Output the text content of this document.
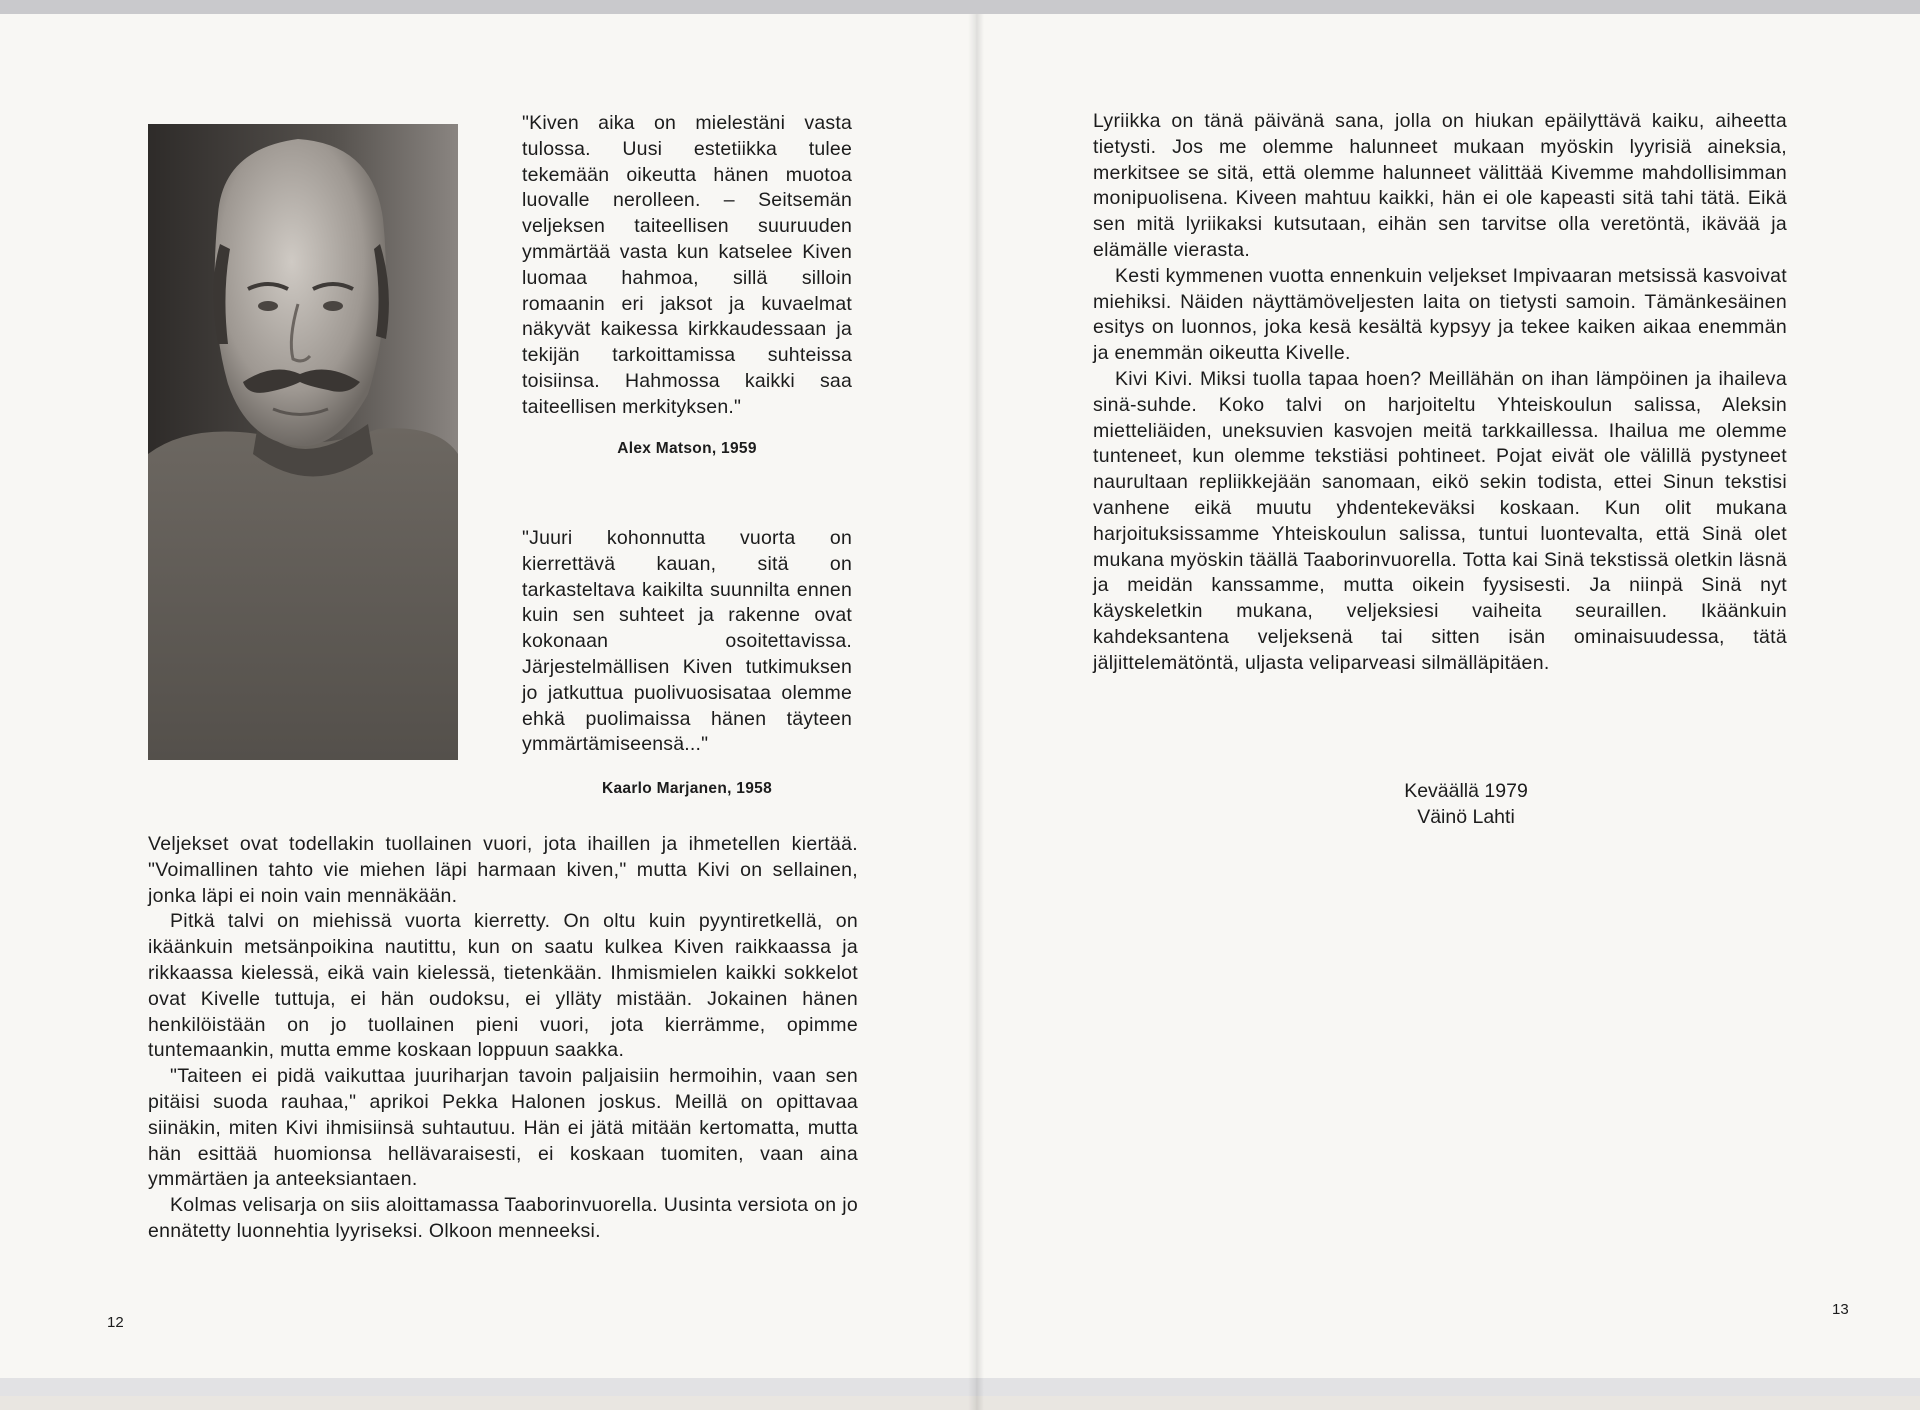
"Kiven aika on mielestäni vasta tulossa. Uusi estetiikka tulee tekemään oikeutta hänen muotoa luovalle nerolleen. – Seitsemän veljeksen taiteellisen suuruuden ymmärtää vasta kun katselee Kiven luomaa hahmoa, sillä silloin romaanin eri jaksot ja kuvaelmat näkyvät kaikessa kirkkaudessaan ja tekijän tarkoittamissa suhteissa toisiinsa. Hahmossa kaikki saa taiteellisen merkityksen."
Alex Matson, 1959
"Juuri kohonnutta vuorta on kierrettävä kauan, sitä on tarkasteltava kaikilta suunnilta ennen kuin sen suhteet ja rakenne ovat kokonaan osoitettavissa. Järjestelmällisen Kiven tutkimuksen jo jatkuttua puolivuosisataa olemme ehkä puolimaissa hänen täyteen ymmärtämiseensä..."
Kaarlo Marjanen, 1958

Veljekset ovat todellakin tuollainen vuori, jota ihaillen ja ihmetellen kiertää. "Voimallinen tahto vie miehen läpi harmaan kiven," mutta Kivi on sellainen, jonka läpi ei noin vain mennäkään.

Pitkä talvi on miehissä vuorta kierretty. On oltu kuin pyyntiretkellä, on ikäänkuin metsänpoikina nautittu, kun on saatu kulkea Kiven raikkaassa ja rikkaassa kielessä, eikä vain kielessä, tietenkään. Ihmismielen kaikki sokkelot ovat Kivelle tuttuja, ei hän oudoksu, ei ylläty mistään. Jokainen hänen henkilöistään on jo tuollainen pieni vuori, jota kierrämme, opimme tuntemaankin, mutta emme koskaan loppuun saakka.

"Taiteen ei pidä vaikuttaa juuriharjan tavoin paljaisiin hermoihin, vaan sen pitäisi suoda rauhaa," aprikoi Pekka Halonen joskus. Meillä on opittavaa siinäkin, miten Kivi ihmisiinsä suhtautuu. Hän ei jätä mitään kertomatta, mutta hän esittää huomionsa hellävaraisesti, ei koskaan tuomiten, vaan aina ymmärtäen ja anteeksiantaen.

Kolmas velisarja on siis aloittamassa Taaborinvuorella. Uusinta versiota on jo ennätetty luonnehtia lyyriseksi. Olkoon menneeksi.

12

Lyriikka on tänä päivänä sana, jolla on hiukan epäilyttävä kaiku, aiheetta tietysti. Jos me olemme halunneet mukaan myöskin lyyrisiä aineksia, merkitsee se sitä, että olemme halunneet välittää Kivemme mahdollisimman monipuolisena. Kiveen mahtuu kaikki, hän ei ole kapeasti sitä tahi tätä. Eikä sen mitä lyriikaksi kutsutaan, eihän sen tarvitse olla veretöntä, ikävää ja elämälle vierasta.

Kesti kymmenen vuotta ennenkuin veljekset Impivaaran metsissä kasvoivat miehiksi. Näiden näyttämöveljesten laita on tietysti samoin. Tämänkesäinen esitys on luonnos, joka kesä kesältä kypsyy ja tekee kaiken aikaa enemmän ja enemmän oikeutta Kivelle.

Kivi Kivi. Miksi tuolla tapaa hoen? Meillähän on ihan lämpöinen ja ihaileva sinä-suhde. Koko talvi on harjoiteltu Yhteiskoulun salissa, Aleksin mietteliäiden, uneksuvien kasvojen meitä tarkkaillessa. Ihailua me olemme tunteneet, kun olemme tekstiäsi pohtineet. Pojat eivät ole välillä pystyneet naurultaan repliikkejään sanomaan, eikö sekin todista, ettei Sinun tekstisi vanhene eikä muutu yhdentekeväksi koskaan. Kun olit mukana harjoituksissamme Yhteiskoulun salissa, tuntui luontevalta, että Sinä olet mukana myöskin täällä Taaborinvuorella. Totta kai Sinä tekstissä oletkin läsnä ja meidän kanssamme, mutta oikein fyysisesti. Ja niinpä Sinä nyt käyskeletkin mukana, veljeksiesi vaiheita seuraillen. Ikäänkuin kahdeksantena veljeksenä tai sitten isän ominaisuudessa, tätä jäljittelemätöntä, uljasta veliparveasi silmälläpitäen.

Keväällä 1979
Väinö Lahti
13
